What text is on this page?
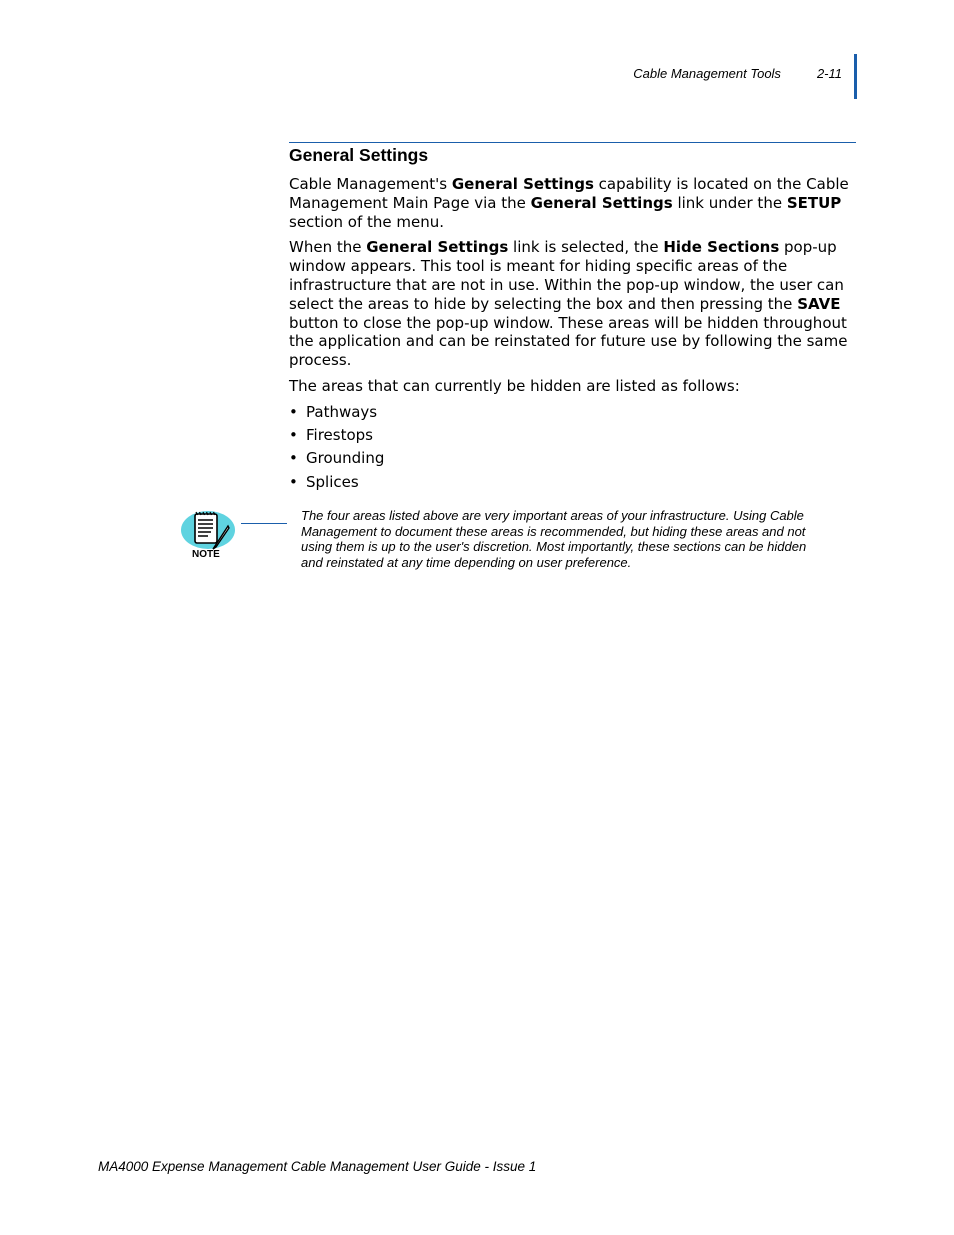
Cable Management Tools	2-11
General Settings

Cable Management's General Settings capability is located on the Cable Management Main Page via the General Settings link under the SETUP section of the menu.

When the General Settings link is selected, the Hide Sections pop-up window appears. This tool is meant for hiding specific areas of the infrastructure that are not in use. Within the pop-up window, the user can select the areas to hide by selecting the box and then pressing the SAVE button to close the pop-up window. These areas will be hidden throughout the application and can be reinstated for future use by following the same process.

The areas that can currently be hidden are listed as follows:

• Pathways
• Firestops
• Grounding
• Splices
NOTE
The four areas listed above are very important areas of your infrastructure. Using Cable Management to document these areas is recommended, but hiding these areas and not using them is up to the user's discretion. Most importantly, these sections can be hidden and reinstated at any time depending on user preference.
MA4000 Expense Management Cable Management User Guide - Issue 1
